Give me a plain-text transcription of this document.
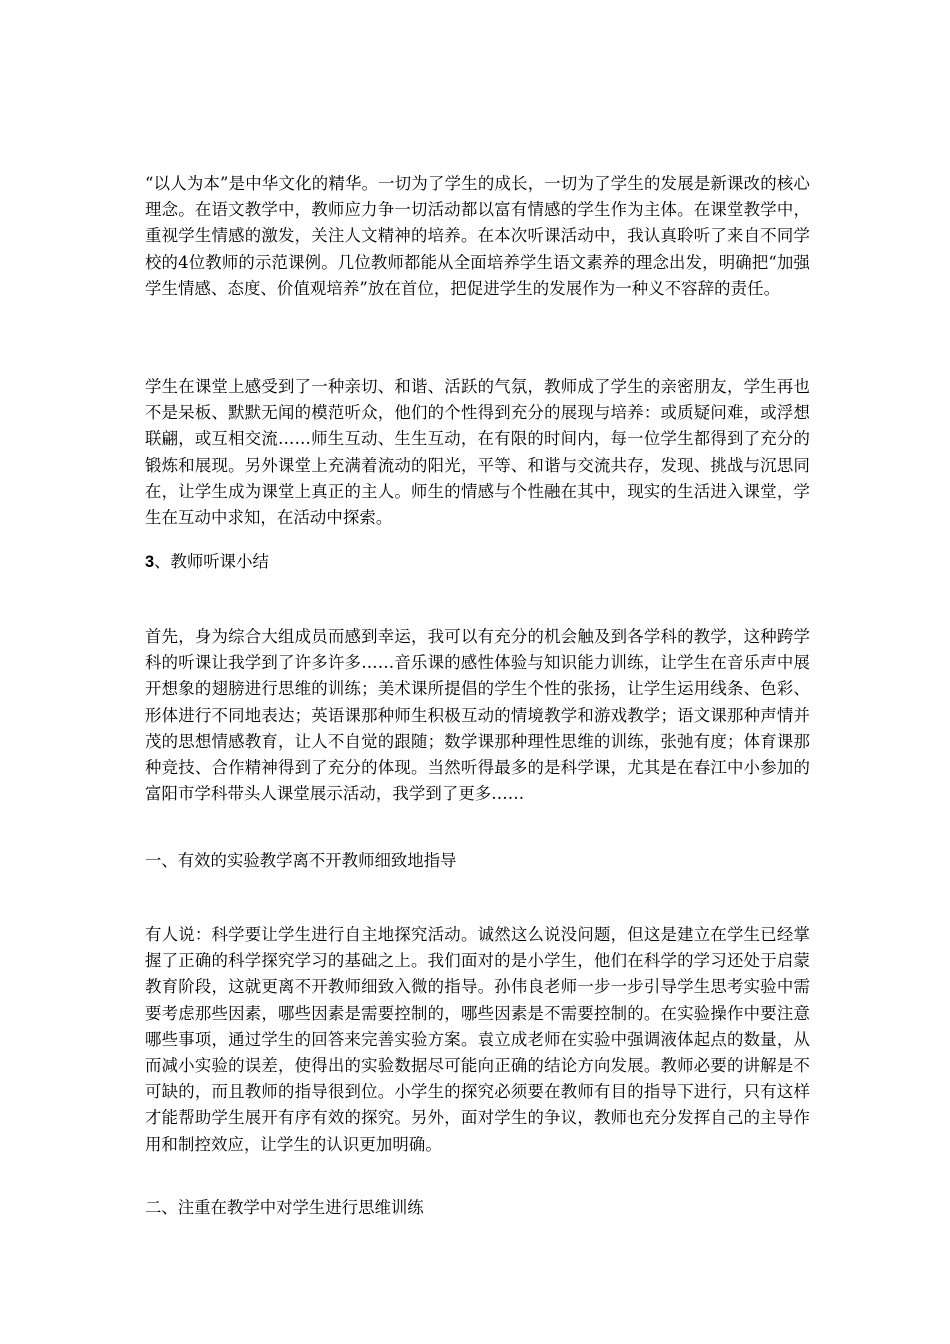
“以人为本”是中华文化的精华。一切为了学生的成长，一切为了学生的发展是新课改的核心理念。在语文教学中，教师应力争一切活动都以富有情感的学生作为主体。在课堂教学中，重视学生情感的激发，关注人文精神的培养。在本次听课活动中，我认真聆听了来自不同学校的4位教师的示范课例。几位教师都能从全面培养学生语文素养的理念出发，明确把“加强学生情感、态度、价值观培养”放在首位，把促进学生的发展作为一种义不容辞的责任。

学生在课堂上感受到了一种亲切、和谐、活跃的气氛，教师成了学生的亲密朋友，学生再也不是呆板、默默无闻的模范听众，他们的个性得到充分的展现与培养：或质疑问难，或浮想联翩，或互相交流……师生互动、生生互动，在有限的时间内，每一位学生都得到了充分的锻炼和展现。另外课堂上充满着流动的阳光，平等、和谐与交流共存，发现、挑战与沉思同在，让学生成为课堂上真正的主人。师生的情感与个性融在其中，现实的生活进入课堂，学生在互动中求知，在活动中探索。

3、教师听课小结

首先，身为综合大组成员而感到幸运，我可以有充分的机会触及到各学科的教学，这种跨学科的听课让我学到了许多许多……音乐课的感性体验与知识能力训练，让学生在音乐声中展开想象的翅膀进行思维的训练；美术课所提倡的学生个性的张扬，让学生运用线条、色彩、形体进行不同地表达；英语课那种师生积极互动的情境教学和游戏教学；语文课那种声情并茂的思想情感教育，让人不自觉的跟随；数学课那种理性思维的训练，张弛有度；体育课那种竞技、合作精神得到了充分的体现。当然听得最多的是科学课，尤其是在春江中小参加的富阳市学科带头人课堂展示活动，我学到了更多……

一、有效的实验教学离不开教师细致地指导

有人说：科学要让学生进行自主地探究活动。诚然这么说没问题，但这是建立在学生已经掌握了正确的科学探究学习的基础之上。我们面对的是小学生，他们在科学的学习还处于启蒙教育阶段，这就更离不开教师细致入微的指导。孙伟良老师一步一步引导学生思考实验中需要考虑那些因素，哪些因素是需要控制的，哪些因素是不需要控制的。在实验操作中要注意哪些事项，通过学生的回答来完善实验方案。袁立成老师在实验中强调液体起点的数量，从而减小实验的误差，使得出的实验数据尽可能向正确的结论方向发展。教师必要的讲解是不可缺的，而且教师的指导很到位。小学生的探究必须要在教师有目的指导下进行，只有这样才能帮助学生展开有序有效的探究。另外，面对学生的争议，教师也充分发挥自己的主导作用和制控效应，让学生的认识更加明确。

二、注重在教学中对学生进行思维训练
